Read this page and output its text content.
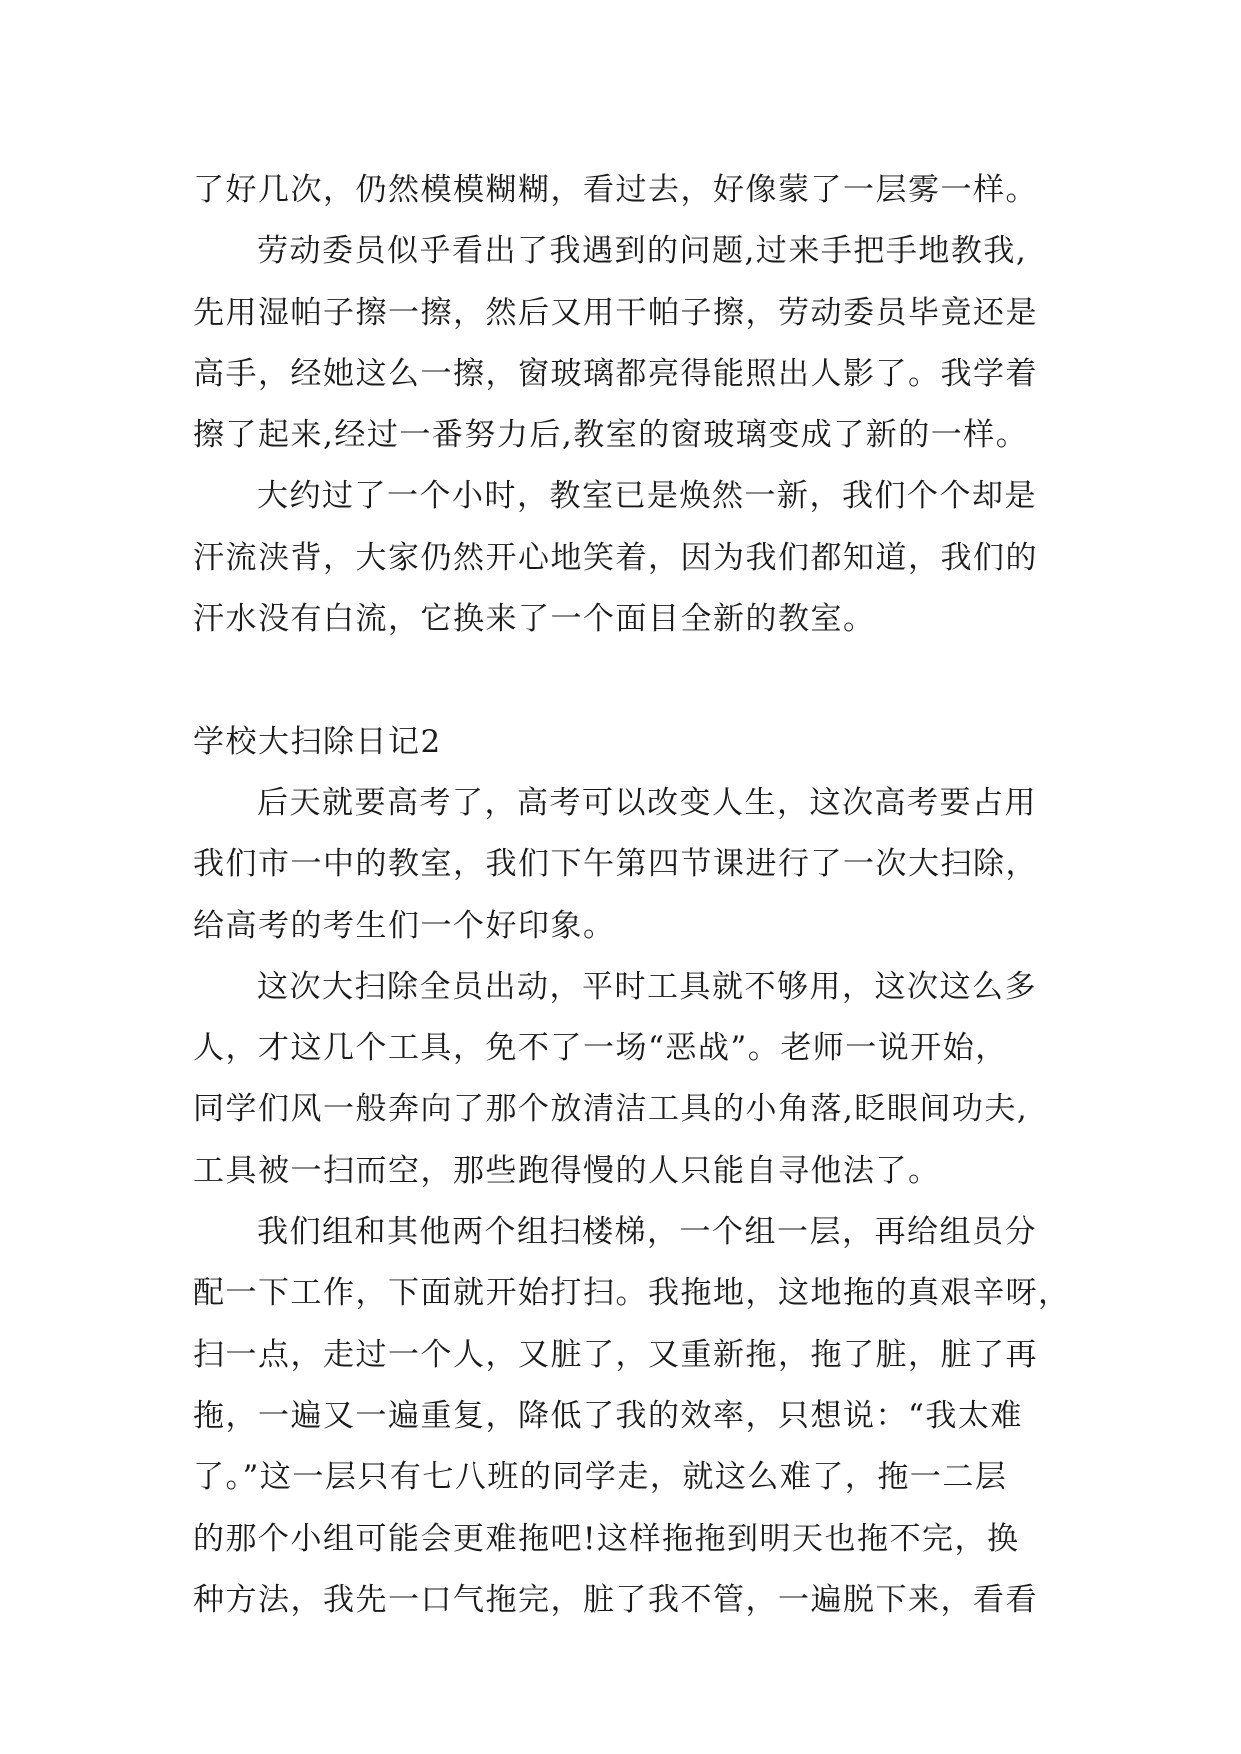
了好几次，仍然模模糊糊，看过去，好像蒙了一层雾一样。
劳动委员似乎看出了我遇到的问题,过来手把手地教我,
先用湿帕子擦一擦，然后又用干帕子擦，劳动委员毕竟还是
高手，经她这么一擦，窗玻璃都亮得能照出人影了。我学着
擦了起来,经过一番努力后,教室的窗玻璃变成了新的一样。
大约过了一个小时，教室已是焕然一新，我们个个却是
汗流浃背，大家仍然开心地笑着，因为我们都知道，我们的
汗水没有白流，它换来了一个面目全新的教室。
学校大扫除日记2
后天就要高考了，高考可以改变人生，这次高考要占用
我们市一中的教室，我们下午第四节课进行了一次大扫除，
给高考的考生们一个好印象。
这次大扫除全员出动，平时工具就不够用，这次这么多
人，才这几个工具，免不了一场“恶战”。老师一说开始，
同学们风一般奔向了那个放清洁工具的小角落,眨眼间功夫,
工具被一扫而空，那些跑得慢的人只能自寻他法了。
我们组和其他两个组扫楼梯，一个组一层，再给组员分
配一下工作，下面就开始打扫。我拖地，这地拖的真艰辛呀，
扫一点，走过一个人，又脏了，又重新拖，拖了脏，脏了再
拖，一遍又一遍重复，降低了我的效率，只想说：“我太难
了。”这一层只有七八班的同学走，就这么难了，拖一二层
的那个小组可能会更难拖吧!这样拖拖到明天也拖不完，换
种方法，我先一口气拖完，脏了我不管，一遍脱下来，看看
